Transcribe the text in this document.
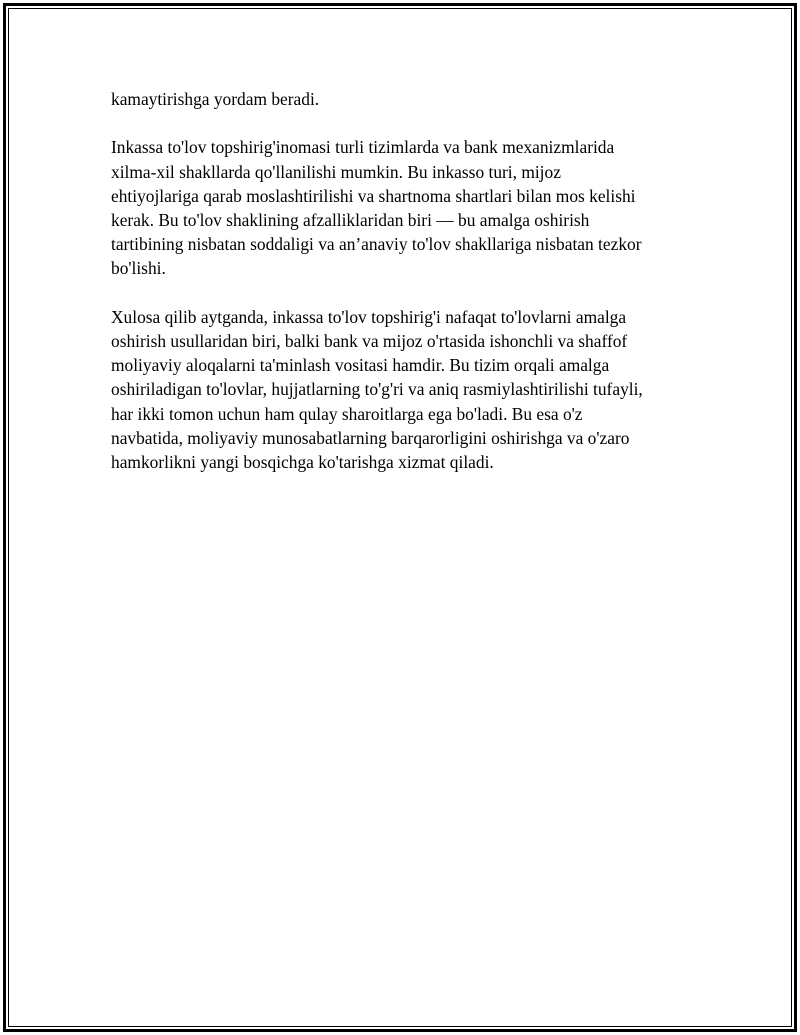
kamaytirishga yordam beradi.

Inkassa to'lov topshirig'inomasi turli tizimlarda va bank mexanizmlarida
xilma-xil shakllarda qo'llanilishi mumkin. Bu inkasso turi, mijoz
ehtiyojlariga qarab moslashtirilishi va shartnoma shartlari bilan mos kelishi
kerak. Bu to'lov shaklining afzalliklaridan biri — bu amalga oshirish
tartibining nisbatan soddaligi va an’anaviy to'lov shakllariga nisbatan tezkor
bo'lishi.

Xulosa qilib aytganda, inkassa to'lov topshirig'i nafaqat to'lovlarni amalga
oshirish usullaridan biri, balki bank va mijoz o'rtasida ishonchli va shaffof
moliyaviy aloqalarni ta'minlash vositasi hamdir. Bu tizim orqali amalga
oshiriladigan to'lovlar, hujjatlarning to'g'ri va aniq rasmiylashtirilishi tufayli,
har ikki tomon uchun ham qulay sharoitlarga ega bo'ladi. Bu esa o'z
navbatida, moliyaviy munosabatlarning barqarorligini oshirishga va o'zaro
hamkorlikni yangi bosqichga ko'tarishga xizmat qiladi.
